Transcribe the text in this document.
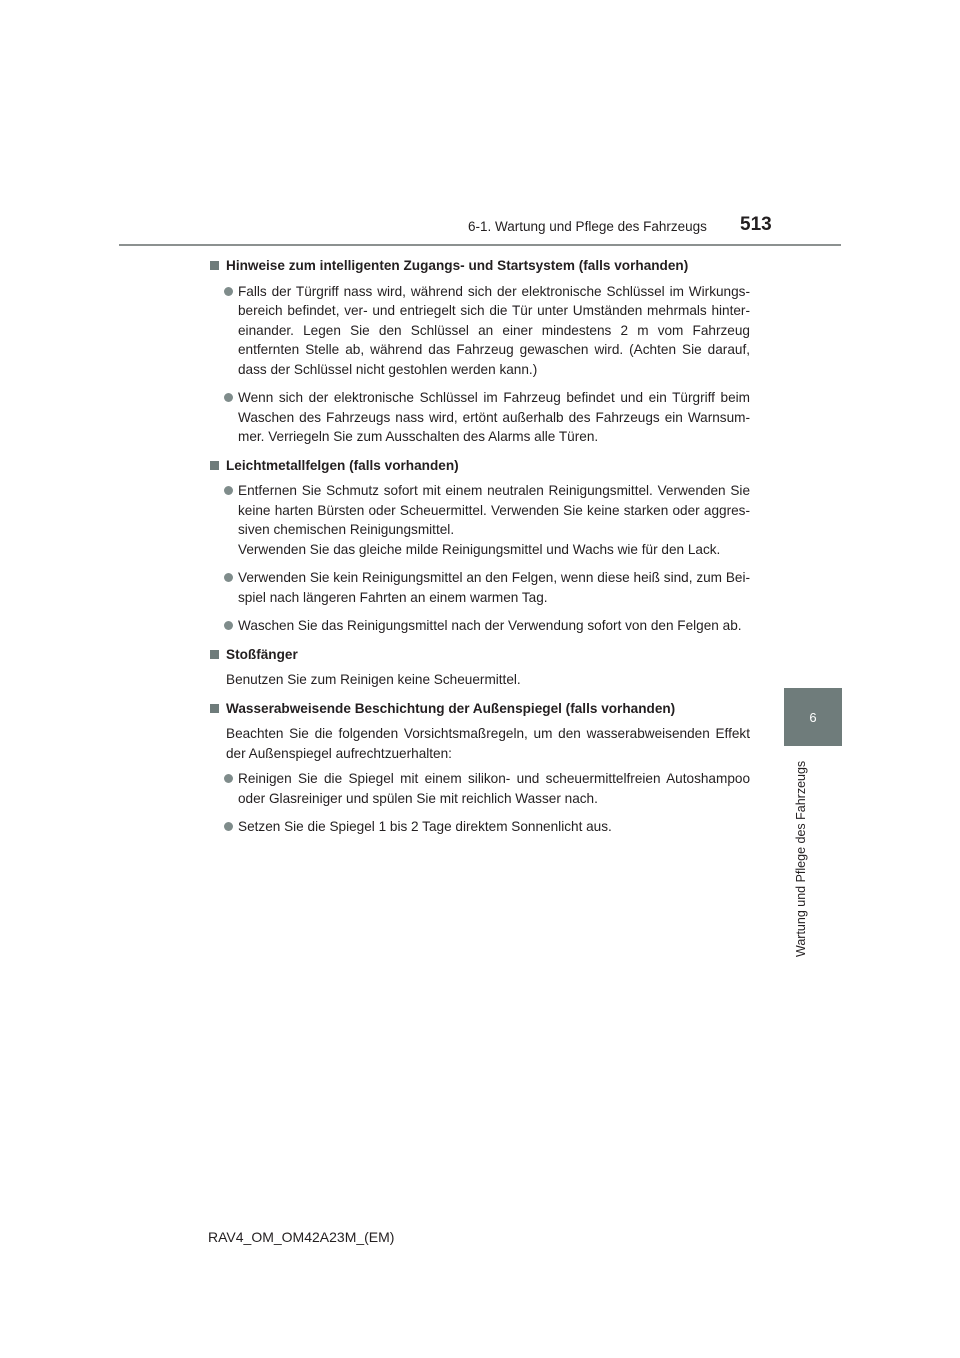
6-1. Wartung und Pflege des Fahrzeugs 513
6
Wartung und Pflege des Fahrzeugs
Hinweise zum intelligenten Zugangs- und Startsystem (falls vorhanden)
Falls der Türgriff nass wird, während sich der elektronische Schlüssel im Wirkungs-bereich befindet, ver- und entriegelt sich die Tür unter Umständen mehrmals hinter-einander. Legen Sie den Schlüssel an einer mindestens 2 m vom Fahrzeug entfernten Stelle ab, während das Fahrzeug gewaschen wird. (Achten Sie darauf, dass der Schlüssel nicht gestohlen werden kann.)
Wenn sich der elektronische Schlüssel im Fahrzeug befindet und ein Türgriff beim Waschen des Fahrzeugs nass wird, ertönt außerhalb des Fahrzeugs ein Warnsum-mer. Verriegeln Sie zum Ausschalten des Alarms alle Türen.
Leichtmetallfelgen (falls vorhanden)
Entfernen Sie Schmutz sofort mit einem neutralen Reinigungsmittel. Verwenden Sie keine harten Bürsten oder Scheuermittel. Verwenden Sie keine starken oder aggres-siven chemischen Reinigungsmittel.
Verwenden Sie das gleiche milde Reinigungsmittel und Wachs wie für den Lack.
Verwenden Sie kein Reinigungsmittel an den Felgen, wenn diese heiß sind, zum Bei-spiel nach längeren Fahrten an einem warmen Tag.
Waschen Sie das Reinigungsmittel nach der Verwendung sofort von den Felgen ab.
Stoßfänger
Benutzen Sie zum Reinigen keine Scheuermittel.
Wasserabweisende Beschichtung der Außenspiegel (falls vorhanden)
Beachten Sie die folgenden Vorsichtsmaßregeln, um den wasserabweisenden Effekt der Außenspiegel aufrechtzuerhalten:
Reinigen Sie die Spiegel mit einem silikon- und scheuermittelfreien Autoshampoo oder Glasreiniger und spülen Sie mit reichlich Wasser nach.
Setzen Sie die Spiegel 1 bis 2 Tage direktem Sonnenlicht aus.
RAV4_OM_OM42A23M_(EM)
